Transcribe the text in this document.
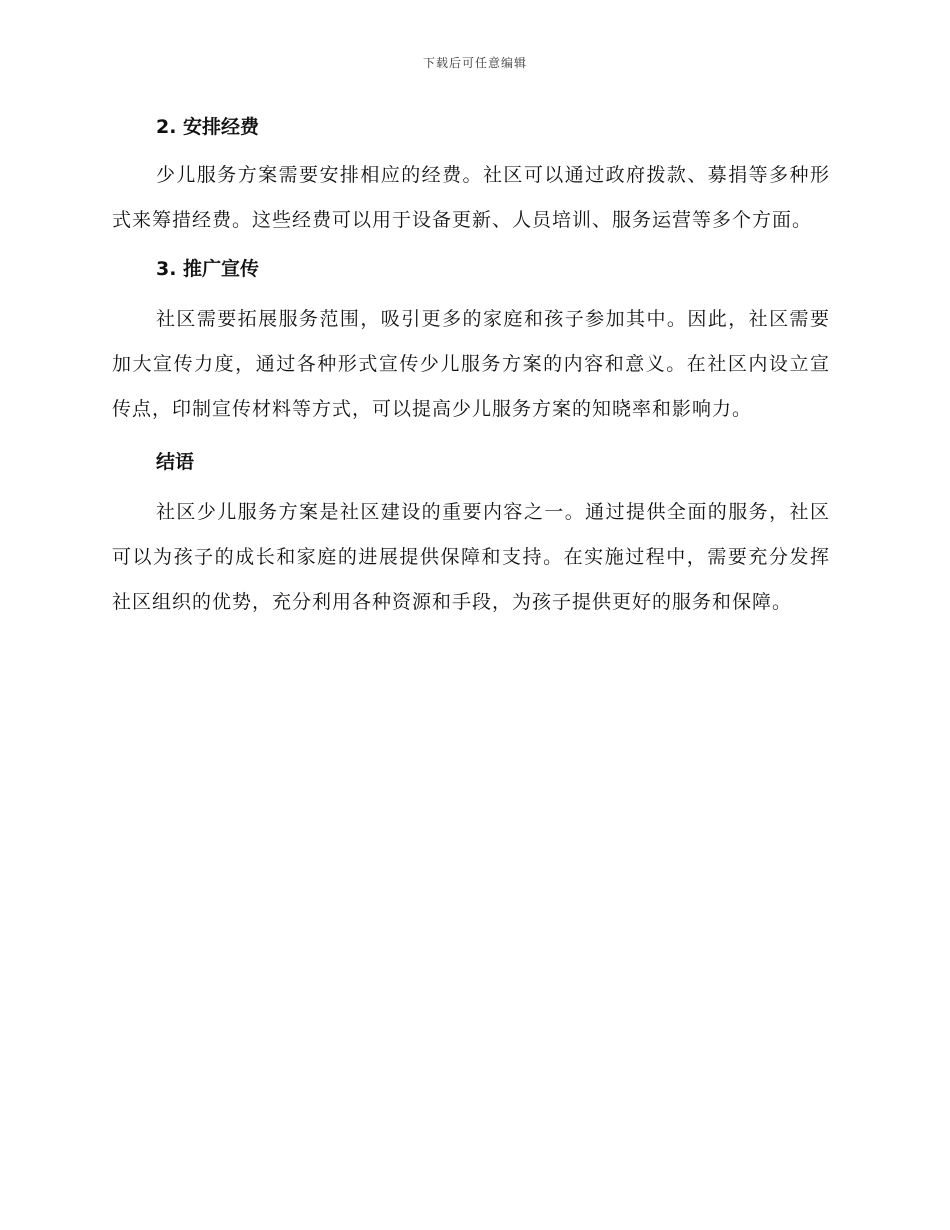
下载后可任意编辑
2. 安排经费

少儿服务方案需要安排相应的经费。社区可以通过政府拨款、募捐等多种形式来筹措经费。这些经费可以用于设备更新、人员培训、服务运营等多个方面。

3. 推广宣传

社区需要拓展服务范围，吸引更多的家庭和孩子参加其中。因此，社区需要加大宣传力度，通过各种形式宣传少儿服务方案的内容和意义。在社区内设立宣传点，印制宣传材料等方式，可以提高少儿服务方案的知晓率和影响力。

结语

社区少儿服务方案是社区建设的重要内容之一。通过提供全面的服务，社区可以为孩子的成长和家庭的进展提供保障和支持。在实施过程中，需要充分发挥社区组织的优势，充分利用各种资源和手段，为孩子提供更好的服务和保障。
